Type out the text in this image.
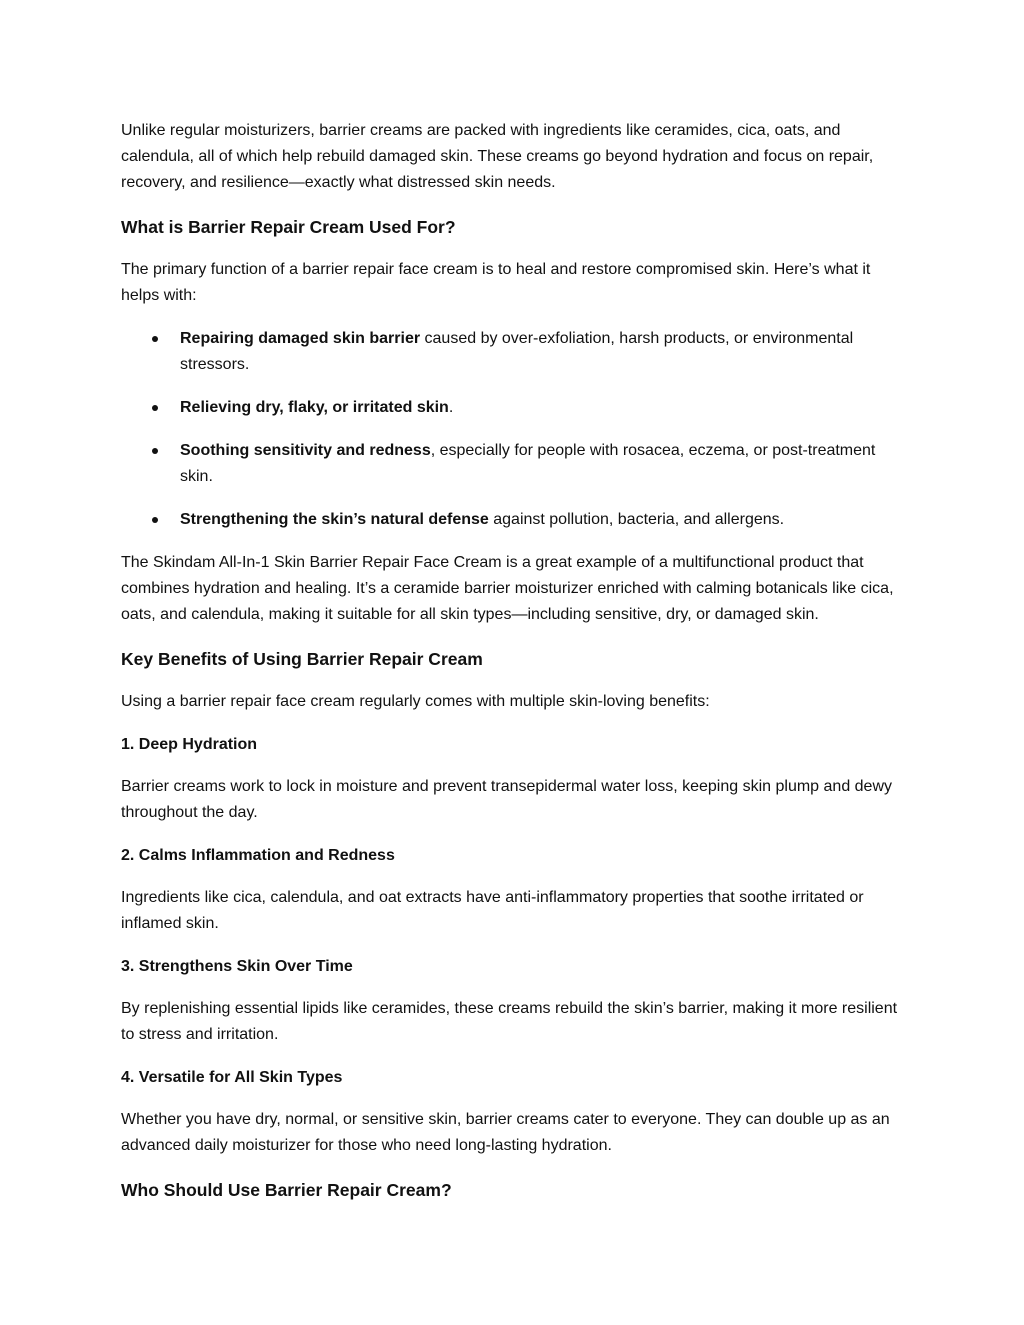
Unlike regular moisturizers, barrier creams are packed with ingredients like ceramides, cica, oats, and calendula, all of which help rebuild damaged skin. These creams go beyond hydration and focus on repair, recovery, and resilience—exactly what distressed skin needs.

What is Barrier Repair Cream Used For?

The primary function of a barrier repair face cream is to heal and restore compromised skin. Here’s what it helps with:

Repairing damaged skin barrier caused by over-exfoliation, harsh products, or environmental stressors.
Relieving dry, flaky, or irritated skin.
Soothing sensitivity and redness, especially for people with rosacea, eczema, or post-treatment skin.
Strengthening the skin’s natural defense against pollution, bacteria, and allergens.

The Skindam All-In-1 Skin Barrier Repair Face Cream is a great example of a multifunctional product that combines hydration and healing. It’s a ceramide barrier moisturizer enriched with calming botanicals like cica, oats, and calendula, making it suitable for all skin types—including sensitive, dry, or damaged skin.

Key Benefits of Using Barrier Repair Cream

Using a barrier repair face cream regularly comes with multiple skin-loving benefits:

1. Deep Hydration

Barrier creams work to lock in moisture and prevent transepidermal water loss, keeping skin plump and dewy throughout the day.

2. Calms Inflammation and Redness

Ingredients like cica, calendula, and oat extracts have anti-inflammatory properties that soothe irritated or inflamed skin.

3. Strengthens Skin Over Time

By replenishing essential lipids like ceramides, these creams rebuild the skin’s barrier, making it more resilient to stress and irritation.

4. Versatile for All Skin Types

Whether you have dry, normal, or sensitive skin, barrier creams cater to everyone. They can double up as an advanced daily moisturizer for those who need long-lasting hydration.

Who Should Use Barrier Repair Cream?
